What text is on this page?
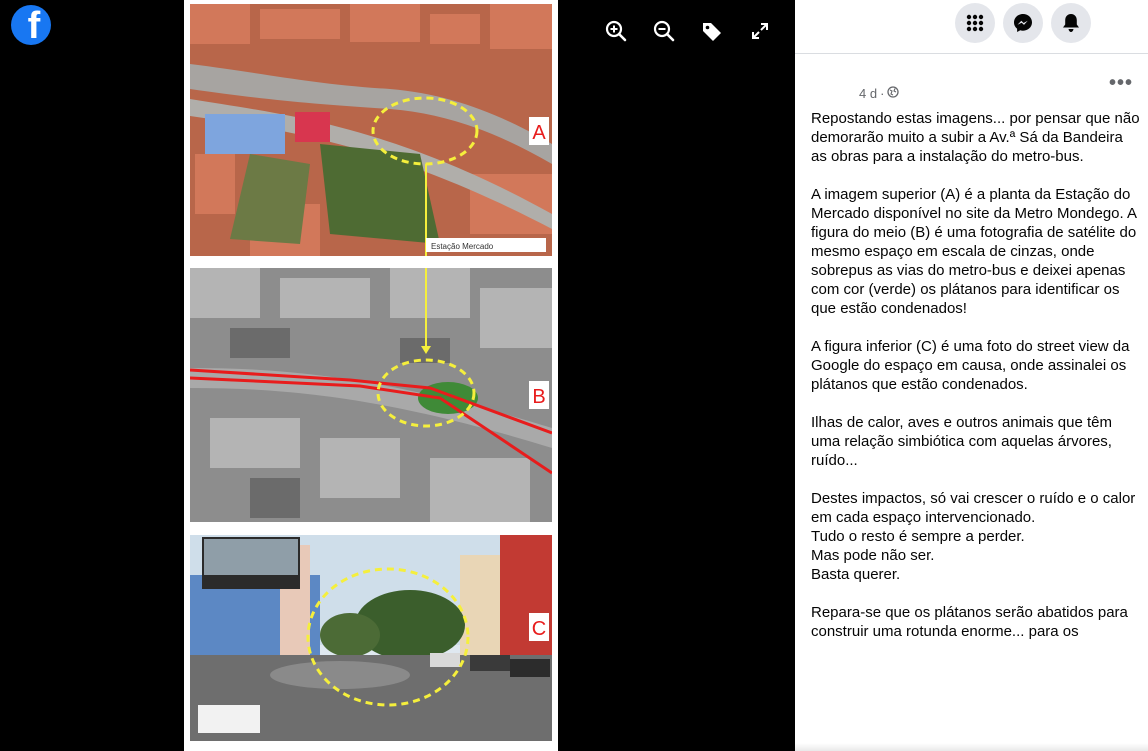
f
A
Estação Mercado
B
C
4 d ·	•••
Repostando estas imagens... por pensar que não demorarão muito a subir a Av.ª Sá da Bandeira as obras para a instalação do metro-bus.

A imagem superior (A) é a planta da Estação do Mercado disponível no site da Metro Mondego. A figura do meio (B) é uma fotografia de satélite do mesmo espaço em escala de cinzas, onde sobrepus as vias do metro-bus e deixei apenas com cor (verde) os plátanos para identificar os que estão condenados!

A figura inferior (C) é uma foto do street view da Google do espaço em causa, onde assinalei os plátanos que estão condenados.

Ilhas de calor, aves e outros animais que têm uma relação simbiótica com aquelas árvores, ruído...

Destes impactos, só vai crescer o ruído e o calor em cada espaço intervencionado.
Tudo o resto é sempre a perder.
Mas pode não ser.
Basta querer.

Repara-se que os plátanos serão abatidos para construir uma rotunda enorme... para os
